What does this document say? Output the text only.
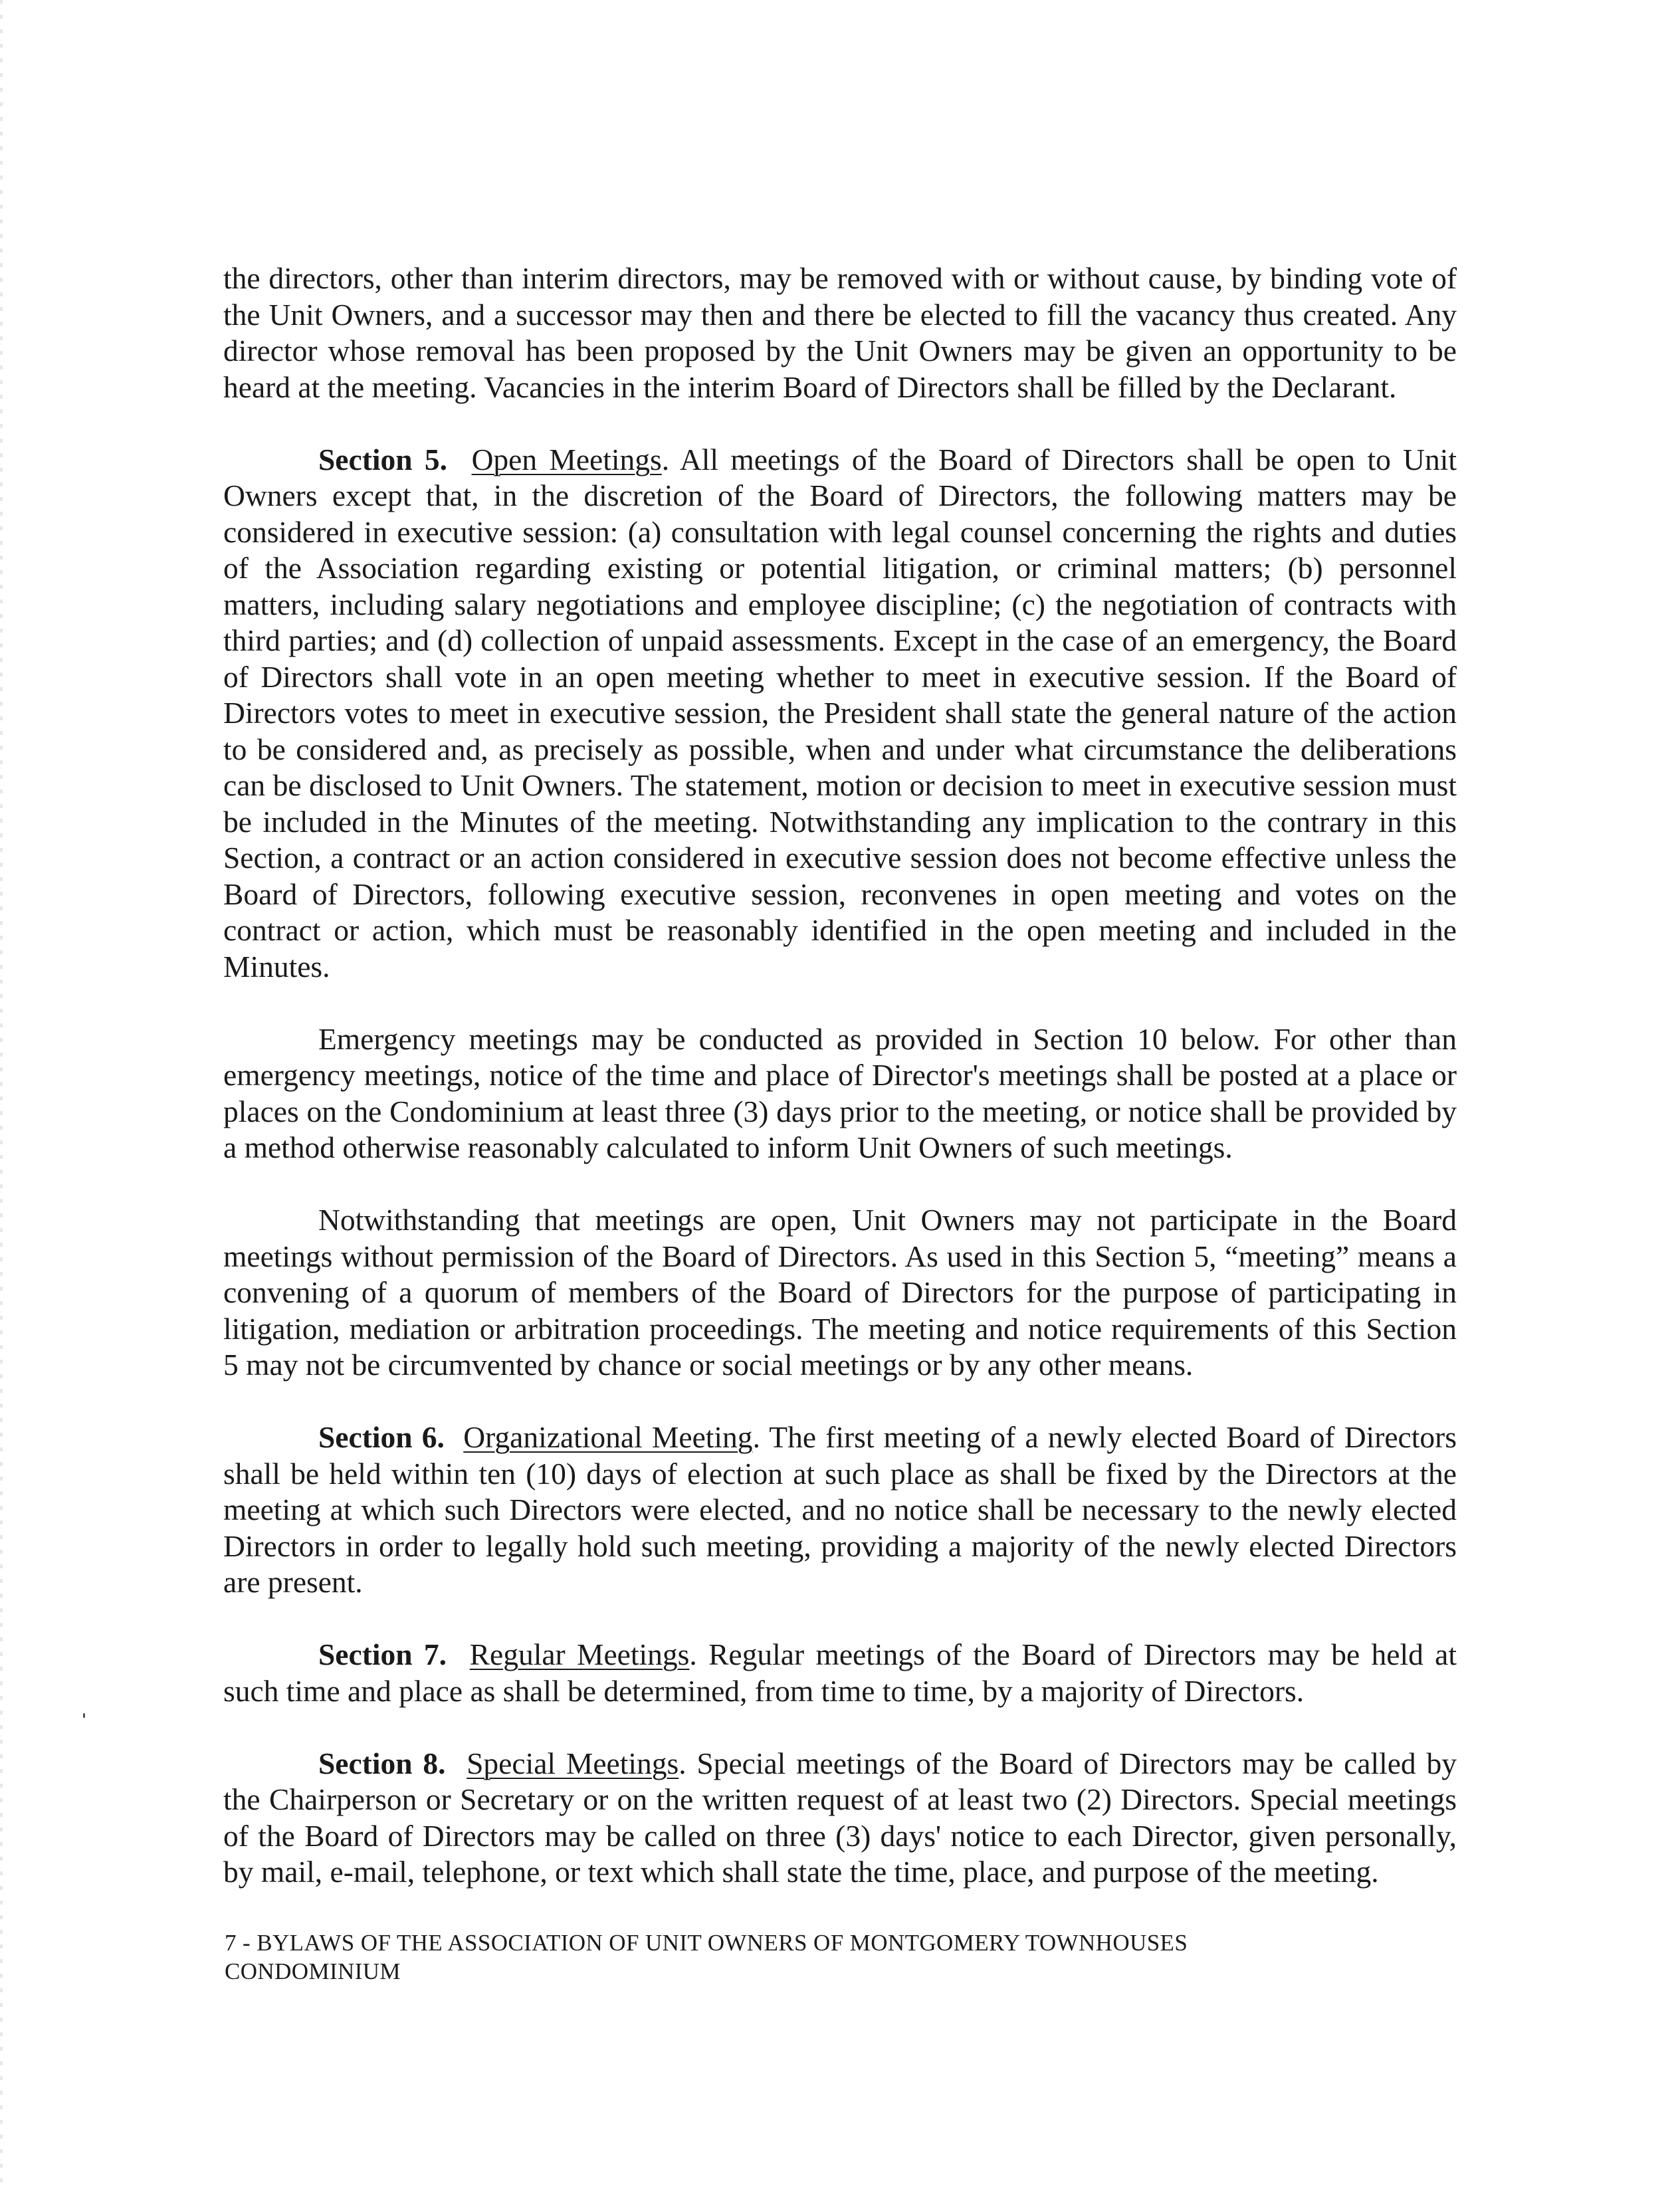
the directors, other than interim directors, may be removed with or without cause, by binding vote of the Unit Owners, and a successor may then and there be elected to fill the vacancy thus created. Any director whose removal has been proposed by the Unit Owners may be given an opportunity to be heard at the meeting. Vacancies in the interim Board of Directors shall be filled by the Declarant.

Section 5. Open Meetings. All meetings of the Board of Directors shall be open to Unit Owners except that, in the discretion of the Board of Directors, the following matters may be considered in executive session: (a) consultation with legal counsel concerning the rights and duties of the Association regarding existing or potential litigation, or criminal matters; (b) personnel matters, including salary negotiations and employee discipline; (c) the negotiation of contracts with third parties; and (d) collection of unpaid assessments. Except in the case of an emergency, the Board of Directors shall vote in an open meeting whether to meet in executive session. If the Board of Directors votes to meet in executive session, the President shall state the general nature of the action to be considered and, as precisely as possible, when and under what circumstance the deliberations can be disclosed to Unit Owners. The statement, motion or decision to meet in executive session must be included in the Minutes of the meeting. Notwithstanding any implication to the contrary in this Section, a contract or an action considered in executive session does not become effective unless the Board of Directors, following executive session, reconvenes in open meeting and votes on the contract or action, which must be reasonably identified in the open meeting and included in the Minutes.

Emergency meetings may be conducted as provided in Section 10 below. For other than emergency meetings, notice of the time and place of Director's meetings shall be posted at a place or places on the Condominium at least three (3) days prior to the meeting, or notice shall be provided by a method otherwise reasonably calculated to inform Unit Owners of such meetings.

Notwithstanding that meetings are open, Unit Owners may not participate in the Board meetings without permission of the Board of Directors. As used in this Section 5, “meeting” means a convening of a quorum of members of the Board of Directors for the purpose of participating in litigation, mediation or arbitration proceedings. The meeting and notice requirements of this Section 5 may not be circumvented by chance or social meetings or by any other means.

Section 6. Organizational Meeting. The first meeting of a newly elected Board of Directors shall be held within ten (10) days of election at such place as shall be fixed by the Directors at the meeting at which such Directors were elected, and no notice shall be necessary to the newly elected Directors in order to legally hold such meeting, providing a majority of the newly elected Directors are present.

Section 7. Regular Meetings. Regular meetings of the Board of Directors may be held at such time and place as shall be determined, from time to time, by a majority of Directors.

Section 8. Special Meetings. Special meetings of the Board of Directors may be called by the Chairperson or Secretary or on the written request of at least two (2) Directors. Special meetings of the Board of Directors may be called on three (3) days' notice to each Director, given personally, by mail, e-mail, telephone, or text which shall state the time, place, and purpose of the meeting.

7 - BYLAWS OF THE ASSOCIATION OF UNIT OWNERS OF MONTGOMERY TOWNHOUSES
CONDOMINIUM
